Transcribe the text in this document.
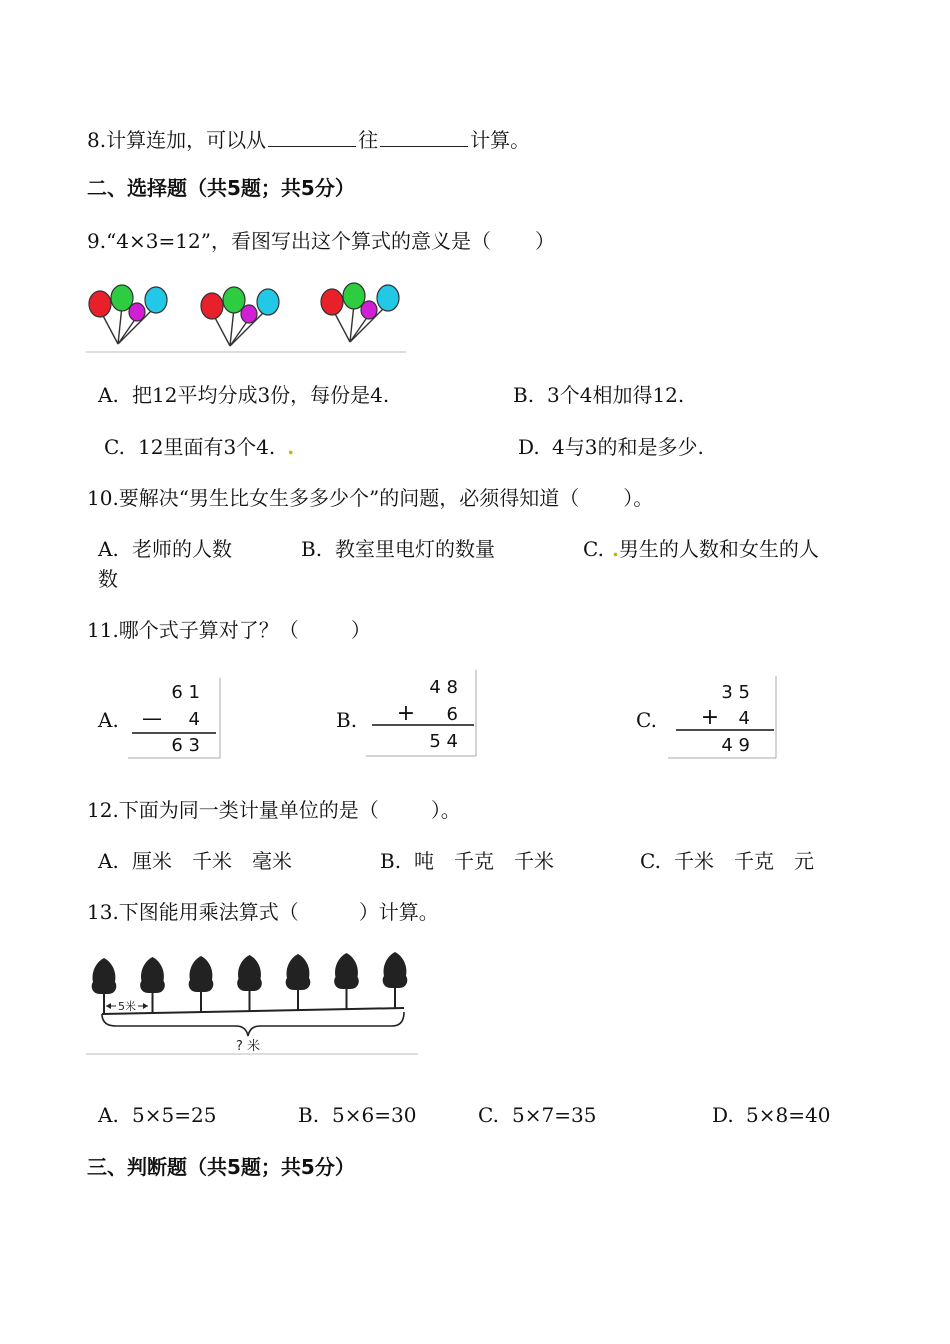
8.计算连加，可以从	往	计算。
二、选择题（共5题；共5分）
9.“4×3=12”，看图写出这个算式的意义是（ ）
A. 把12平均分成3份，每份是4.	B. 3个4相加得12.
C. 12里面有3个4. .	D. 4与3的和是多少.
10.要解决“男生比女生多多少个”的问题，必须得知道（ ）。
A. 老师的人数	B. 教室里电灯的数量	C. .男生的人数和女生的人
数
11.哪个式子算对了？（	）
A.
6 1
— 4
6 3
B.
4 8
+ 6
5 4
C.
3 5
+ 4
4 9
12.下面为同一类计量单位的是（	）。
A. 厘米　千米　毫米	B. 吨　千克　千米	C. 千米　千克　元
13.下图能用乘法算式（	）计算。
5米
? 米
A. 5×5=25	B. 5×6=30	C. 5×7=35	D. 5×8=40
三、判断题（共5题；共5分）
